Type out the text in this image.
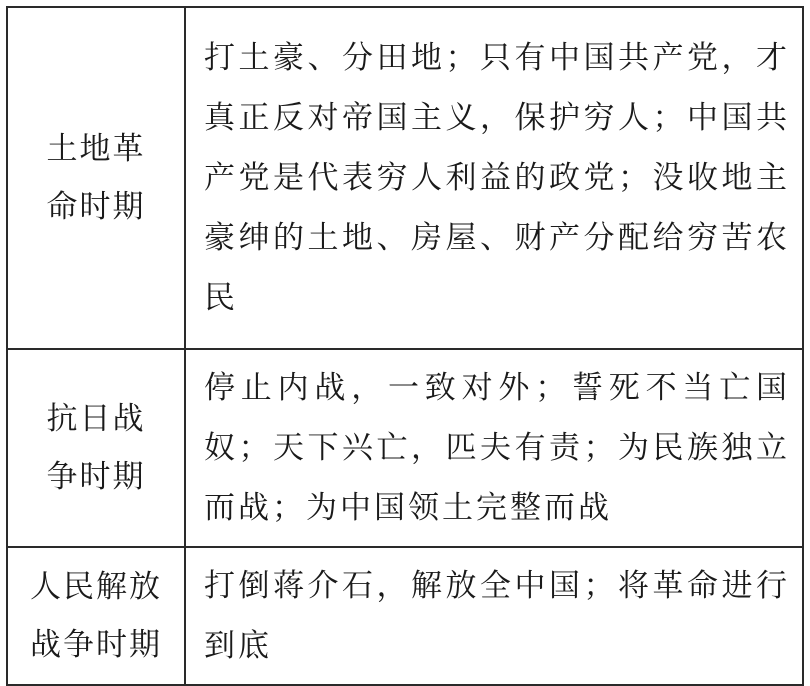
土地革
命时期	打土豪、分田地；只有中国共产党，才真正反对帝国主义，保护穷人；中国共产党是代表穷人利益的政党；没收地主豪绅的土地、房屋、财产分配给穷苦农民

抗日战
争时期	停止内战，一致对外；誓死不当亡国奴；天下兴亡，匹夫有责；为民族独立而战；为中国领土完整而战

人民解放
战争时期	打倒蒋介石，解放全中国；将革命进行到底
